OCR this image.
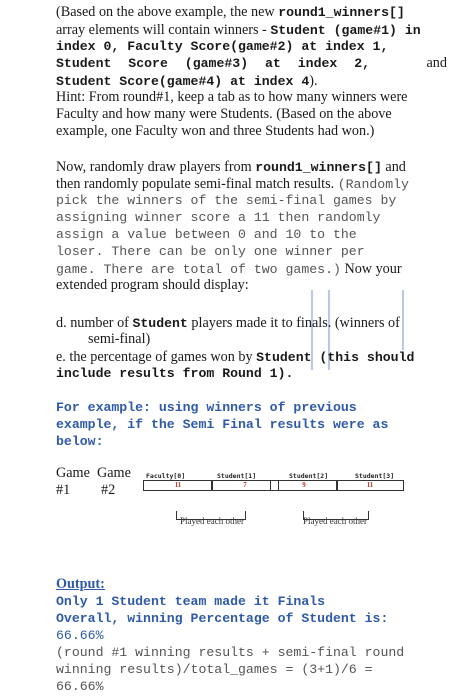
(Based on the above example, the new round1_winners[]
array elements will contain winners - Student (game#1) in
index 0, Faculty Score(game#2) at index 1,
Student Score (game#3) at index 2,	and
Student Score(game#4) at index 4).
Hint: From round#1, keep a tab as to how many winners were
Faculty and how many were Students. (Based on the above
example, one Faculty won and three Students had won.)
Now, randomly draw players from round1_winners[] and
then randomly populate semi-final match results. (Randomly
pick the winners of the semi-final games by
assigning winner score a 11 then randomly
assign a value between 0 and 10 to the
loser. There can be only one winner per
game. There are total of two games.) Now your
extended program should display:
d. number of Student players made it to finals. (winners of
semi-final)
e. the percentage of games won by Student (this should
include results from Round 1).
For example: using winners of previous
example, if the Semi Final results were as
below:
Game
#1
Game
#2
Faculty[0]	Student[1]	Student[2]	Student[3]
11	7	9	11
Played each other	Played each other
Output:
Only 1 Student team made it Finals
Overall, winning Percentage of Student is:
66.66%
(round #1 winning results + semi-final round
winning results)/total_games = (3+1)/6 =
66.66%
